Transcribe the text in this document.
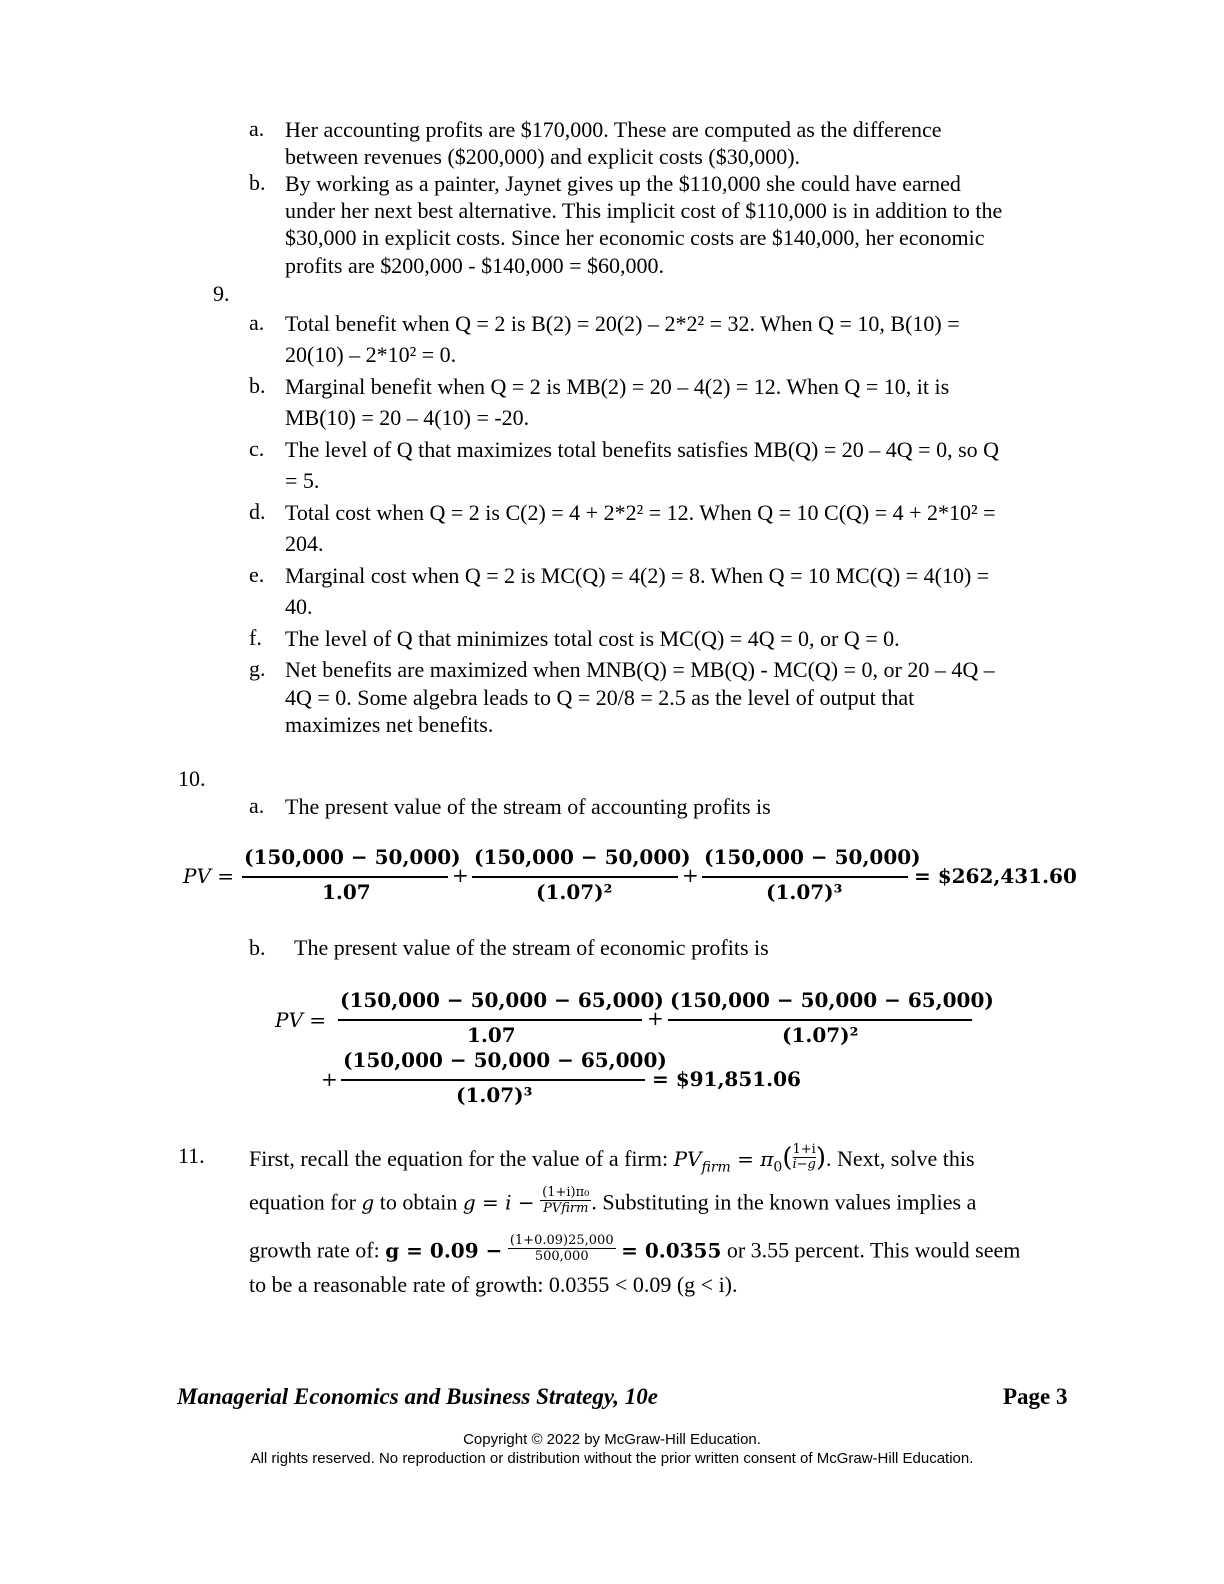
a. Her accounting profits are $170,000. These are computed as the difference
between revenues ($200,000) and explicit costs ($30,000).
b. By working as a painter, Jaynet gives up the $110,000 she could have earned
under her next best alternative. This implicit cost of $110,000 is in addition to the
$30,000 in explicit costs. Since her economic costs are $140,000, her economic
profits are $200,000 - $140,000 = $60,000.
9.
a. Total benefit when Q = 2 is B(2) = 20(2) – 2*2² = 32. When Q = 10, B(10) =
20(10) – 2*10² = 0.
b. Marginal benefit when Q = 2 is MB(2) = 20 – 4(2) = 12. When Q = 10, it is
MB(10) = 20 – 4(10) = -20.
c. The level of Q that maximizes total benefits satisfies MB(Q) = 20 – 4Q = 0, so Q
= 5.
d. Total cost when Q = 2 is C(2) = 4 + 2*2² = 12. When Q = 10 C(Q) = 4 + 2*10² =
204.
e. Marginal cost when Q = 2 is MC(Q) = 4(2) = 8. When Q = 10 MC(Q) = 4(10) =
40.
f. The level of Q that minimizes total cost is MC(Q) = 4Q = 0, or Q = 0.
g. Net benefits are maximized when MNB(Q) = MB(Q) - MC(Q) = 0, or 20 – 4Q –
4Q = 0. Some algebra leads to Q = 20/8 = 2.5 as the level of output that
maximizes net benefits.
10.
a. The present value of the stream of accounting profits is
PV =
(150,000 − 50,000)
1.07
+
(150,000 − 50,000)
(1.07)²
+
(150,000 − 50,000)
(1.07)³
= $262,431.60
b. The present value of the stream of economic profits is
PV =
(150,000 − 50,000 − 65,000)
1.07
+
(150,000 − 50,000 − 65,000)
(1.07)²
+
(150,000 − 50,000 − 65,000)
(1.07)³
= $91,851.06
11. First, recall the equation for the value of a firm: $PV_{firm} = \pi_0( \frac{1+i}{i-g}$ ). Next, solve this
equation for g to obtain g = i − (1+i)π₀
PVfirm . Substituting in the known values implies a
growth rate of: $g = 0.09 - \frac{(1+0.09)25,000}{500,000} = 0.0355$ or 3.55 percent. This would seem
to be a reasonable rate of growth: 0.0355 < 0.09 (g < i).
Managerial Economics and Business Strategy, 10e	Page 3
Copyright © 2022 by McGraw-Hill Education.
All rights reserved. No reproduction or distribution without the prior written consent of McGraw-Hill Education.
